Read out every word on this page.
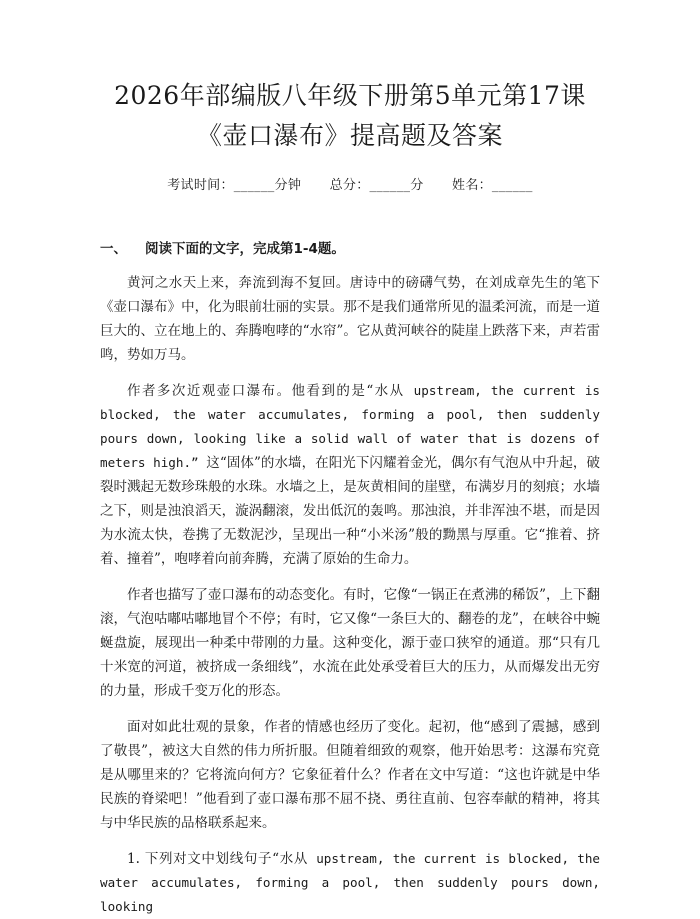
2026年部编版八年级下册第5单元第17课
《壶口瀑布》提高题及答案
考试时间：______分钟 总分：______分 姓名：______
一、 阅读下面的文字，完成第1-4题。

黄河之水天上来，奔流到海不复回。唐诗中的磅礴气势，在刘成章先生的笔下《壶口瀑布》中，化为眼前壮丽的实景。那不是我们通常所见的温柔河流，而是一道巨大的、立在地上的、奔腾咆哮的“水帘”。它从黄河峡谷的陡崖上跌落下来，声若雷鸣，势如万马。

作者多次近观壶口瀑布。他看到的是“水从 upstream, the current is blocked, the water accumulates, forming a pool, then suddenly pours down, looking like a solid wall of water that is dozens of meters high.” 这“固体”的水墙，在阳光下闪耀着金光，偶尔有气泡从中升起，破裂时溅起无数珍珠般的水珠。水墙之上，是灰黄相间的崖壁，布满岁月的刻痕；水墙之下，则是浊浪滔天，漩涡翻滚，发出低沉的轰鸣。那浊浪，并非浑浊不堪，而是因为水流太快，卷携了无数泥沙，呈现出一种“小米汤”般的黝黑与厚重。它“推着、挤着、撞着”，咆哮着向前奔腾，充满了原始的生命力。

作者也描写了壶口瀑布的动态变化。有时，它像“一锅正在煮沸的稀饭”，上下翻滚，气泡咕嘟咕嘟地冒个不停；有时，它又像“一条巨大的、翻卷的龙”，在峡谷中蜿蜒盘旋，展现出一种柔中带刚的力量。这种变化，源于壶口狭窄的通道。那“只有几十米宽的河道，被挤成一条细线”，水流在此处承受着巨大的压力，从而爆发出无穷的力量，形成千变万化的形态。

面对如此壮观的景象，作者的情感也经历了变化。起初，他“感到了震撼，感到了敬畏”，被这大自然的伟力所折服。但随着细致的观察，他开始思考：这瀑布究竟是从哪里来的？它将流向何方？它象征着什么？作者在文中写道：“这也许就是中华民族的脊梁吧！”他看到了壶口瀑布那不屈不挠、勇往直前、包容奉献的精神，将其与中华民族的品格联系起来。

1. 下列对文中划线句子“水从 upstream, the current is blocked, the water accumulates, forming a pool, then suddenly pours down, looking
